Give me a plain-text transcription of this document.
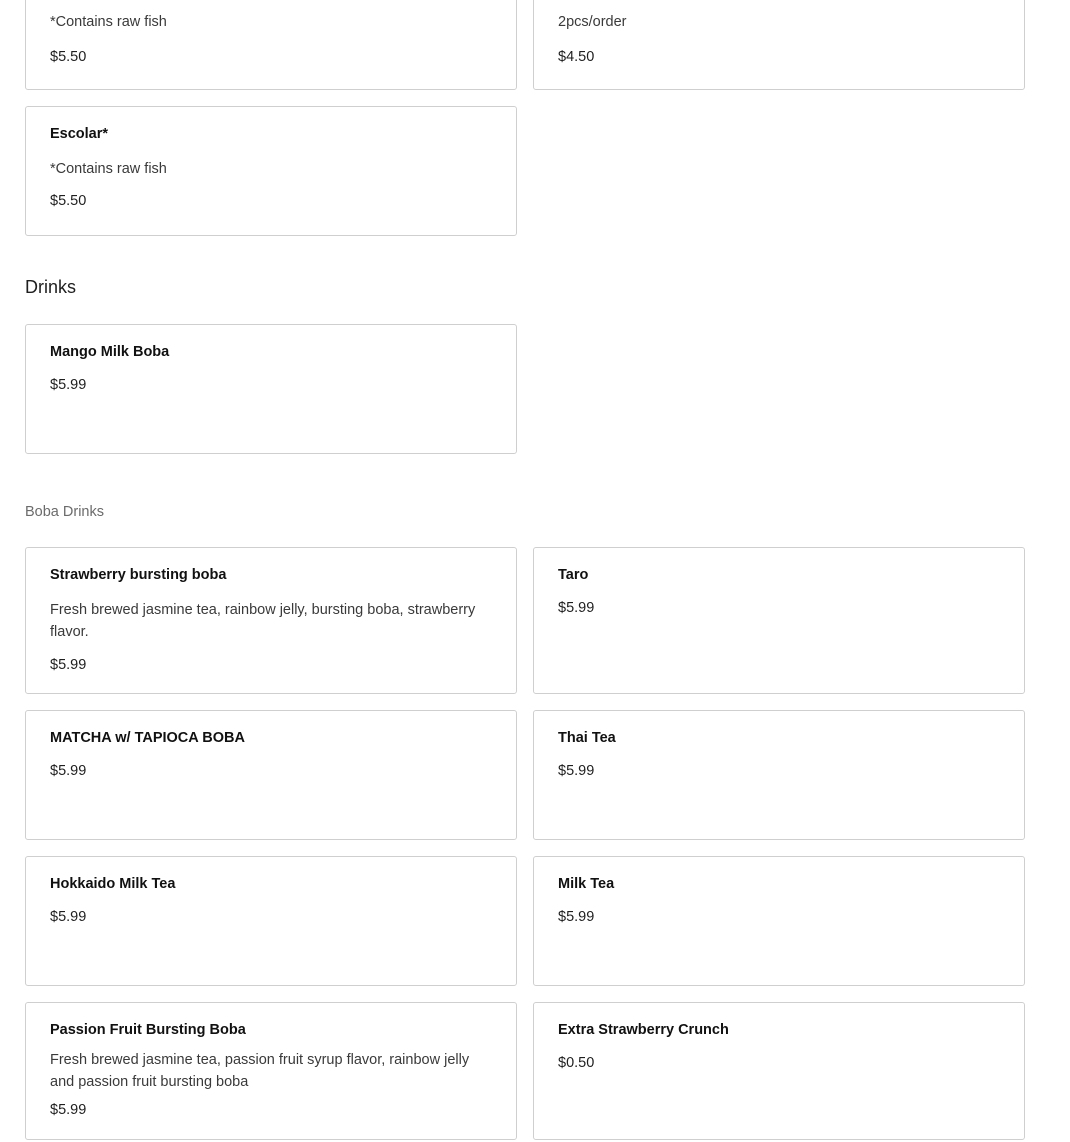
*Contains raw fish
$5.50
2pcs/order
$4.50
Escolar*
*Contains raw fish
$5.50
Drinks
Mango Milk Boba
$5.99
Boba Drinks
Strawberry bursting boba
Fresh brewed jasmine tea, rainbow jelly, bursting boba, strawberry flavor.
$5.99
Taro
$5.99
MATCHA w/ TAPIOCA BOBA
$5.99
Thai Tea
$5.99
Hokkaido Milk Tea
$5.99
Milk Tea
$5.99
Passion Fruit Bursting Boba
Fresh brewed jasmine tea, passion fruit syrup flavor, rainbow jelly and passion fruit bursting boba
$5.99
Extra Strawberry Crunch
$0.50
